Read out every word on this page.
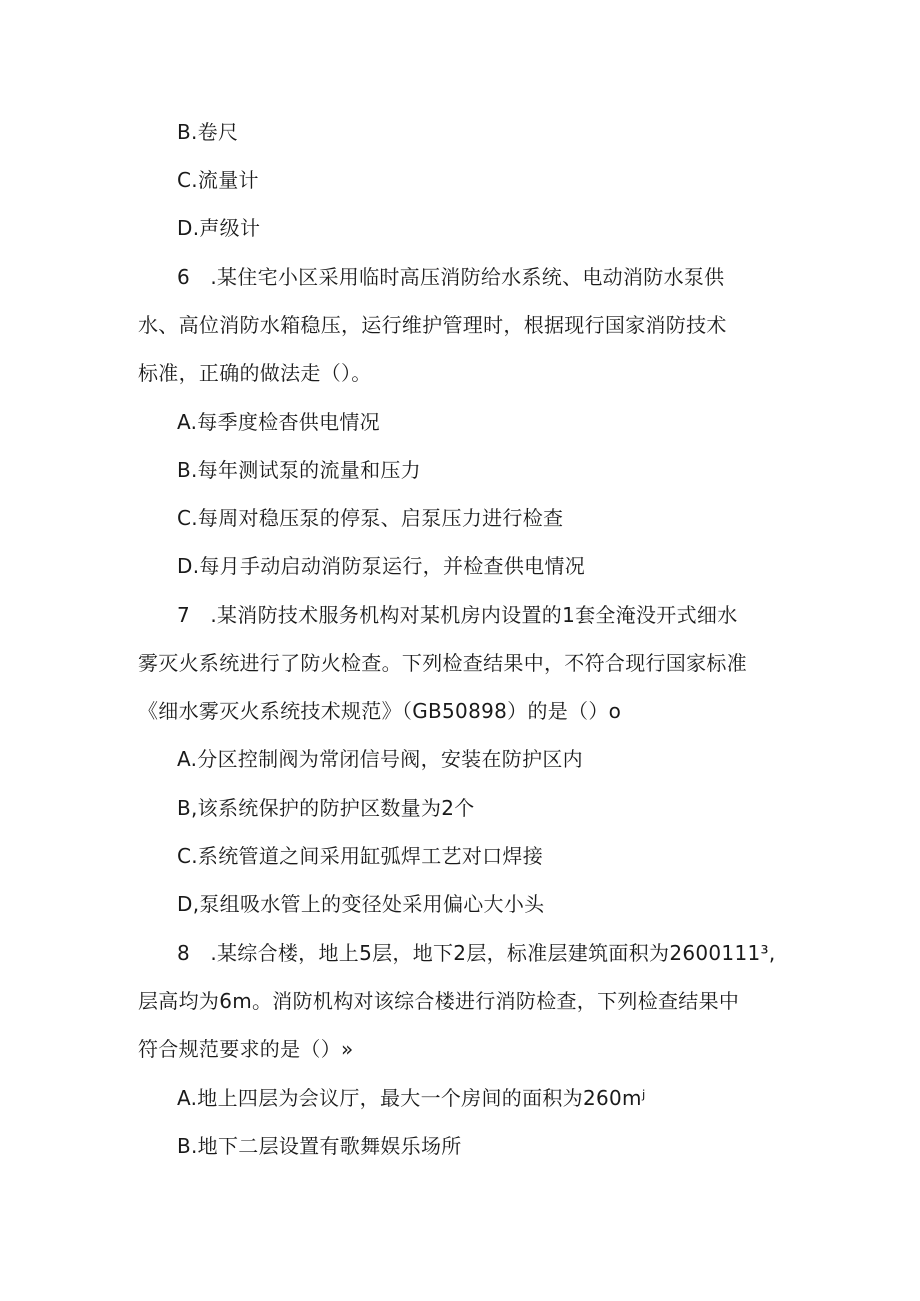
B.卷尺
C.流量计
D.声级计
6　.某住宅小区采用临时高压消防给水系统、电动消防水泵供
水、高位消防水箱稳压，运行维护管理时，根据现行国家消防技术
标准，正确的做法走（）。
A.每季度检杳供电情况
B.每年测试泵的流量和压力
C.每周对稳压泵的停泵、启泵压力进行检查
D.每月手动启动消防泵运行，并检查供电情况
7　.某消防技术服务机构对某机房内设置的1套全淹没开式细水
雾灭火系统进行了防火检查。下列检查结果中，不符合现行国家标准
《细水雾灭火系统技术规范》（GB50898）的是（）o
A.分区控制阀为常闭信号阀，安装在防护区内
B,该系统保护的防护区数量为2个
C.系统管道之间采用缸弧焊工艺对口焊接
D,泵组吸水管上的变径处采用偏心大小头
8　.某综合楼，地上5层，地下2层，标准层建筑面积为2600111³,
层高均为6m。消防机构对该综合楼进行消防检查，下列检查结果中
符合规范要求的是（）»
A.地上四层为会议厅，最大一个房间的面积为260mʲ
B.地下二层设置有歌舞娱乐场所
